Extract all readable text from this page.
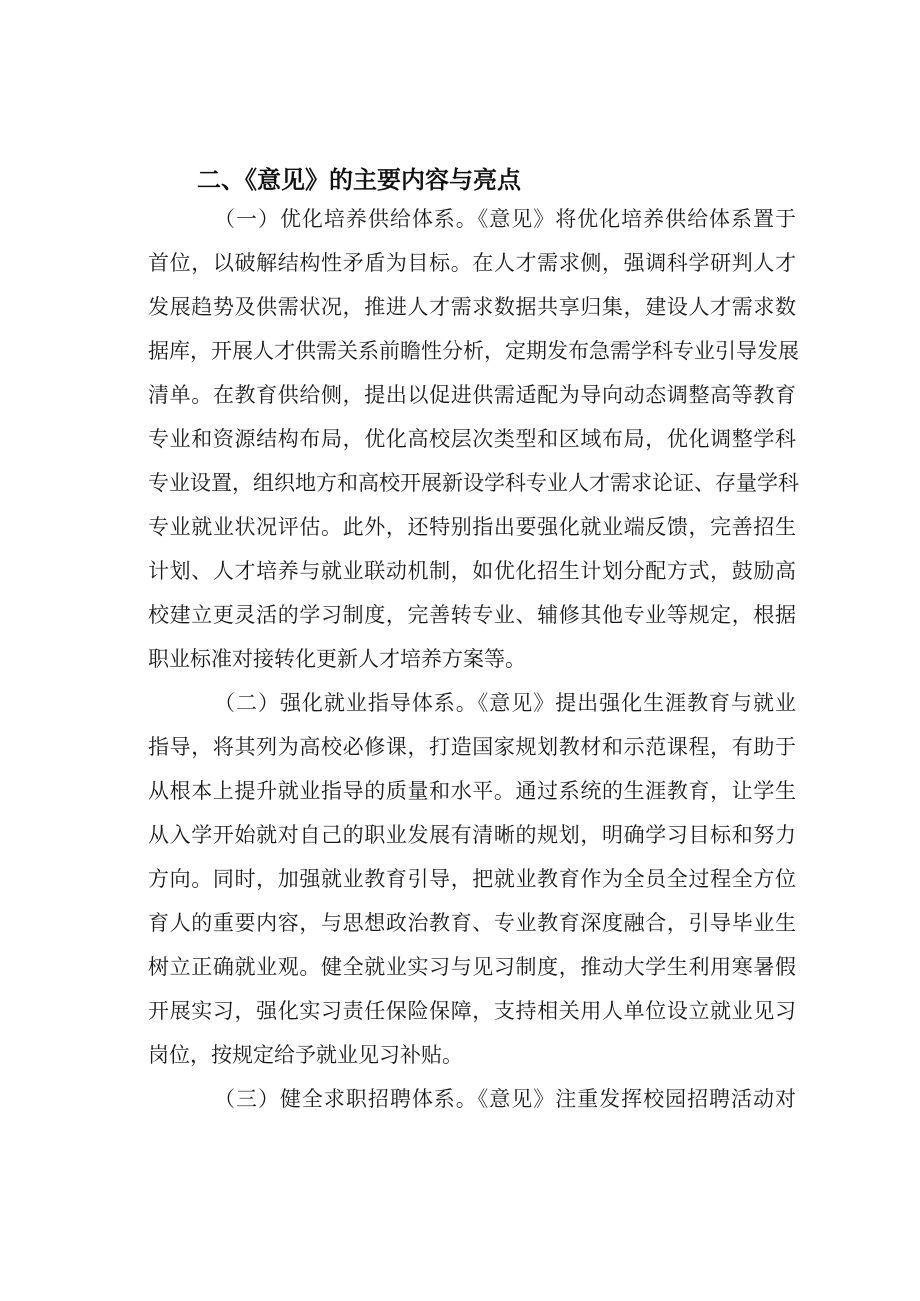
二、《意见》的主要内容与亮点
（一）优化培养供给体系。《意见》将优化培养供给体系置于
首位，以破解结构性矛盾为目标。在人才需求侧，强调科学研判人才
发展趋势及供需状况，推进人才需求数据共享归集，建设人才需求数
据库，开展人才供需关系前瞻性分析，定期发布急需学科专业引导发展
清单。在教育供给侧，提出以促进供需适配为导向动态调整高等教育
专业和资源结构布局，优化高校层次类型和区域布局，优化调整学科
专业设置，组织地方和高校开展新设学科专业人才需求论证、存量学科
专业就业状况评估。此外，还特别指出要强化就业端反馈，完善招生
计划、人才培养与就业联动机制，如优化招生计划分配方式，鼓励高
校建立更灵活的学习制度，完善转专业、辅修其他专业等规定，根据
职业标准对接转化更新人才培养方案等。
（二）强化就业指导体系。《意见》提出强化生涯教育与就业
指导，将其列为高校必修课，打造国家规划教材和示范课程，有助于
从根本上提升就业指导的质量和水平。通过系统的生涯教育，让学生
从入学开始就对自己的职业发展有清晰的规划，明确学习目标和努力
方向。同时，加强就业教育引导，把就业教育作为全员全过程全方位
育人的重要内容，与思想政治教育、专业教育深度融合，引导毕业生
树立正确就业观。健全就业实习与见习制度，推动大学生利用寒暑假
开展实习，强化实习责任保险保障，支持相关用人单位设立就业见习
岗位，按规定给予就业见习补贴。
（三）健全求职招聘体系。《意见》注重发挥校园招聘活动对
